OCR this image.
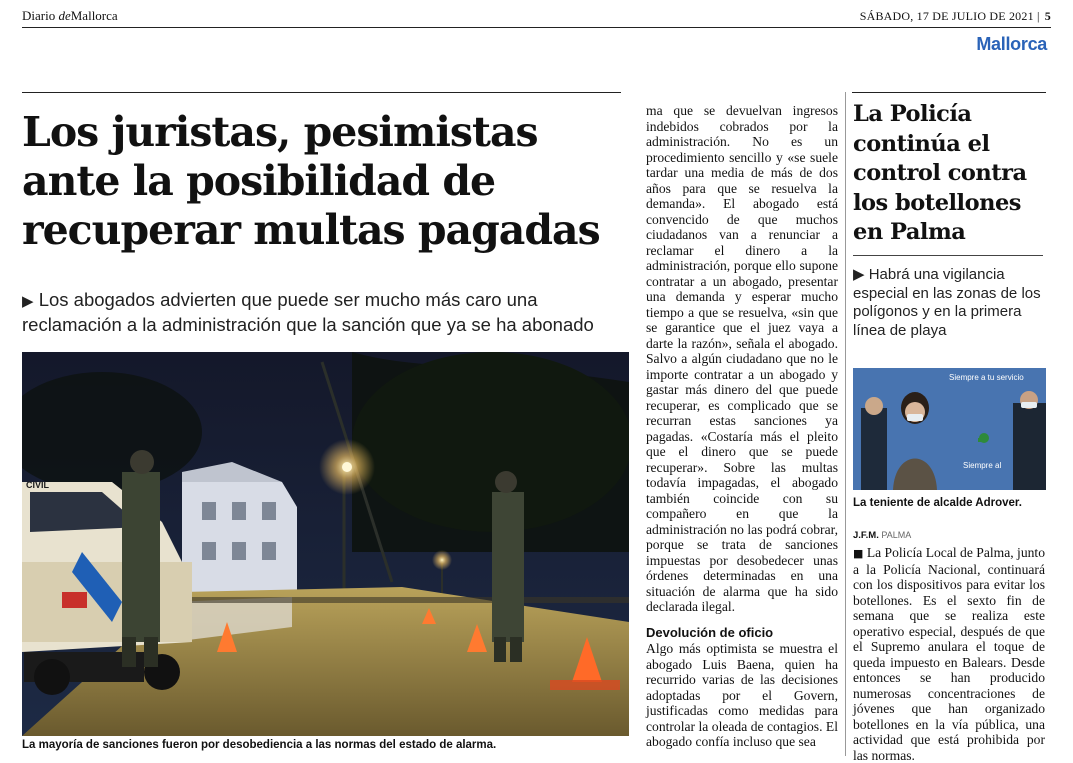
Diario deMallorca	SÁBADO, 17 DE JULIO DE 2021 | 5
Mallorca
Los juristas, pesimistas ante la posibilidad de recuperar multas pagadas
▶ Los abogados advierten que puede ser mucho más caro una reclamación a la administración que la sanción que ya se ha abonado
CIVIL
La mayoría de sanciones fueron por desobediencia a las normas del estado de alarma.

ma que se devuelvan ingresos indebidos cobrados por la administración. No es un procedimiento sencillo y «se suele tardar una media de más de dos años para que se resuelva la demanda». El abogado está convencido de que muchos ciudadanos van a renunciar a reclamar el dinero a la administración, porque ello supone contratar a un abogado, presentar una demanda y esperar mucho tiempo a que se resuelva, «sin que se garantice que el juez vaya a darte la razón», señala el abogado. Salvo a algún ciudadano que no le importe contratar a un abogado y gastar más dinero del que puede recuperar, es complicado que se recurran estas sanciones ya pagadas. «Costaría más el pleito que el dinero que se puede recuperar». Sobre las multas todavía impagadas, el abogado también coincide con su compañero en que la administración no las podrá cobrar, porque se trata de sanciones impuestas por desobedecer unas órdenes determinadas en una situación de alarma que ha sido declarada ilegal.

Devolución de oficio

Algo más optimista se muestra el abogado Luis Baena, quien ha recurrido varias de las decisiones adoptadas por el Govern, justificadas como medidas para controlar la oleada de contagios. El abogado confía incluso que sea

La Policía continúa el control contra los botellones en Palma
▶ Habrá una vigilancia especial en las zonas de los polígonos y en la primera línea de playa
Siempre a tu servicio
Siempre al
La teniente de alcalde Adrover.
J.F.M. PALMA

■ La Policía Local de Palma, junto a la Policía Nacional, continuará con los dispositivos para evitar los botellones. Es el sexto fin de semana que se realiza este operativo especial, después de que el Supremo anulara el toque de queda impuesto en Balears. Desde entonces se han producido numerosas concentraciones de jóvenes que han organizado botellones en la vía pública, una actividad que está prohibida por las normas.
